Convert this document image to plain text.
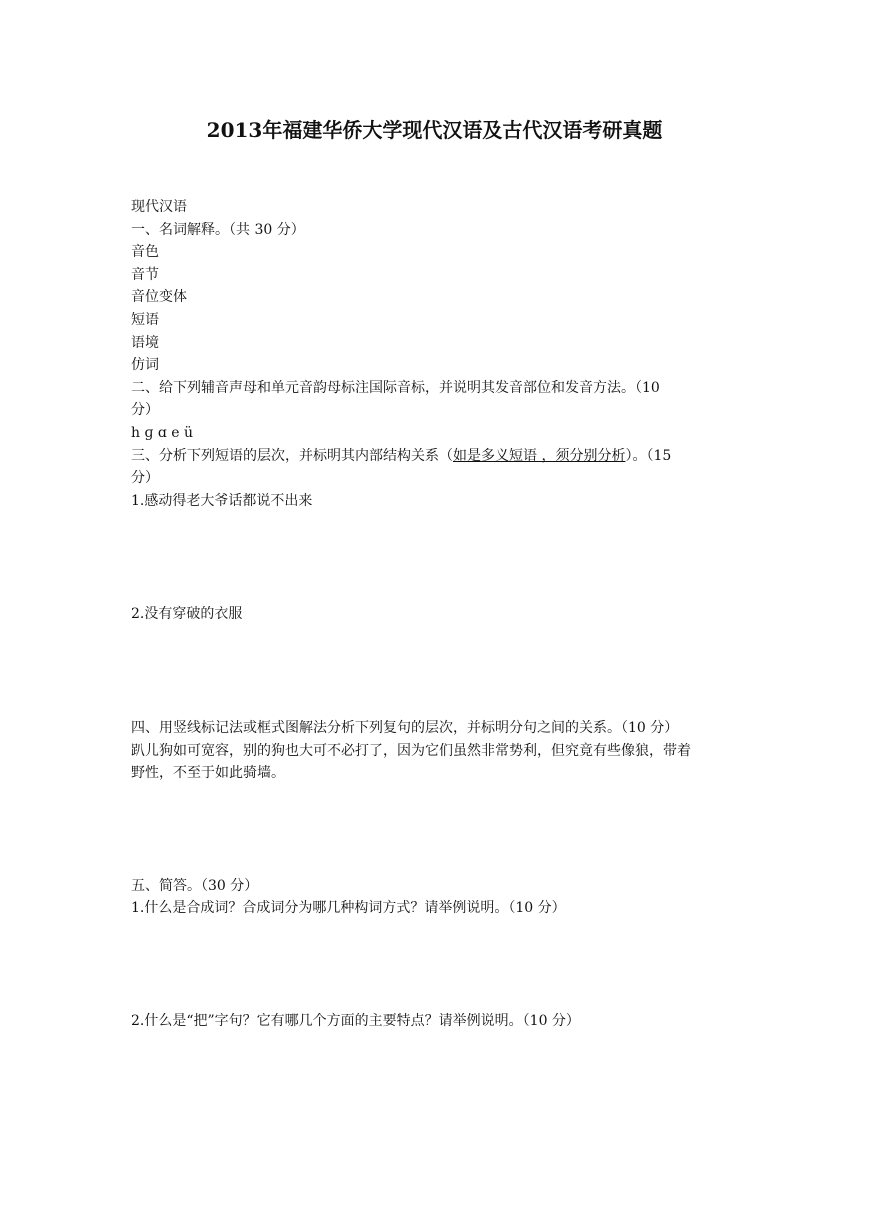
2013年福建华侨大学现代汉语及古代汉语考研真题
现代汉语
一、名词解释。（共 30 分）
音色
音节
音位变体
短语
语境
仿词
二、给下列辅音声母和单元音韵母标注国际音标，并说明其发音部位和发音方法。（10
分）
h ɡ ɑ e ü
三、分析下列短语的层次，并标明其内部结构关系（如是多义短语 ，须分别分析）。（15
分）
1.感动得老大爷话都说不出来
2.没有穿破的衣服
四、用竖线标记法或框式图解法分析下列复句的层次，并标明分句之间的关系。（10 分）
趴儿狗如可宽容，别的狗也大可不必打了，因为它们虽然非常势利，但究竟有些像狼，带着
野性，不至于如此骑墙。
五、简答。（30 分）
1.什么是合成词？合成词分为哪几种构词方式？请举例说明。（10 分）
2.什么是“把”字句？它有哪几个方面的主要特点？请举例说明。（10 分）
